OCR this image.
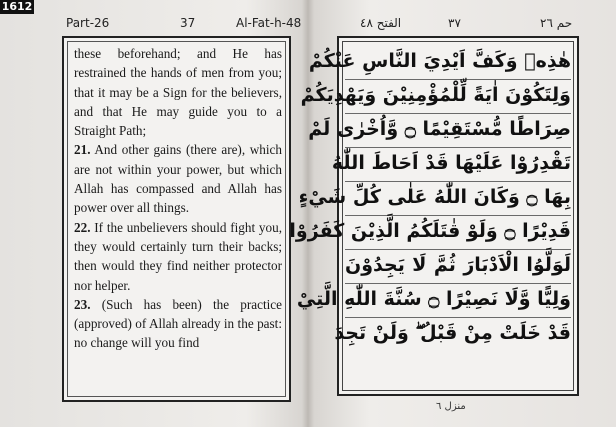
1612
Part-26	37	Al-Fat-h-48	الفتح ٤٨	٣٧	حم ٢٦

these beforehand; and He has restrained the hands of men from you; that it may be a Sign for the believers, and that He may guide you to a Straight Path;

21. And other gains (there are), which are not within your power, but which Allah has compassed and Allah has power over all things.

22. If the unbelievers should fight you, they would certainly turn their backs; then would they find neither protector nor helper.

23. (Such has been) the practice (approved) of Allah already in the past: no change will you find

هٰذِهٖ وَكَفَّ اَيْدِيَ النَّاسِ عَنْكُمْ
وَلِتَكُوْنَ اٰيَةً لِّلْمُؤْمِنِيْنَ وَيَهْدِيَكُمْ
صِرَاطًا مُّسْتَقِيْمًا ۝ وَّاُخْرٰى لَمْ
تَقْدِرُوْا عَلَيْهَا قَدْ اَحَاطَ اللّٰهُ
بِهَا ۝ وَكَانَ اللّٰهُ عَلٰى كُلِّ شَيْءٍ
قَدِيْرًا ۝ وَلَوْ قٰتَلَكُمُ الَّذِيْنَ كَفَرُوْا
لَوَلَّوُا الْاَدْبَارَ ثُمَّ لَا يَجِدُوْنَ
وَلِيًّا وَّلَا نَصِيْرًا ۝ سُنَّةَ اللّٰهِ الَّتِيْ
قَدْ خَلَتْ مِنْ قَبْلُ ۖ وَلَنْ تَجِدَ
منزل ٦
